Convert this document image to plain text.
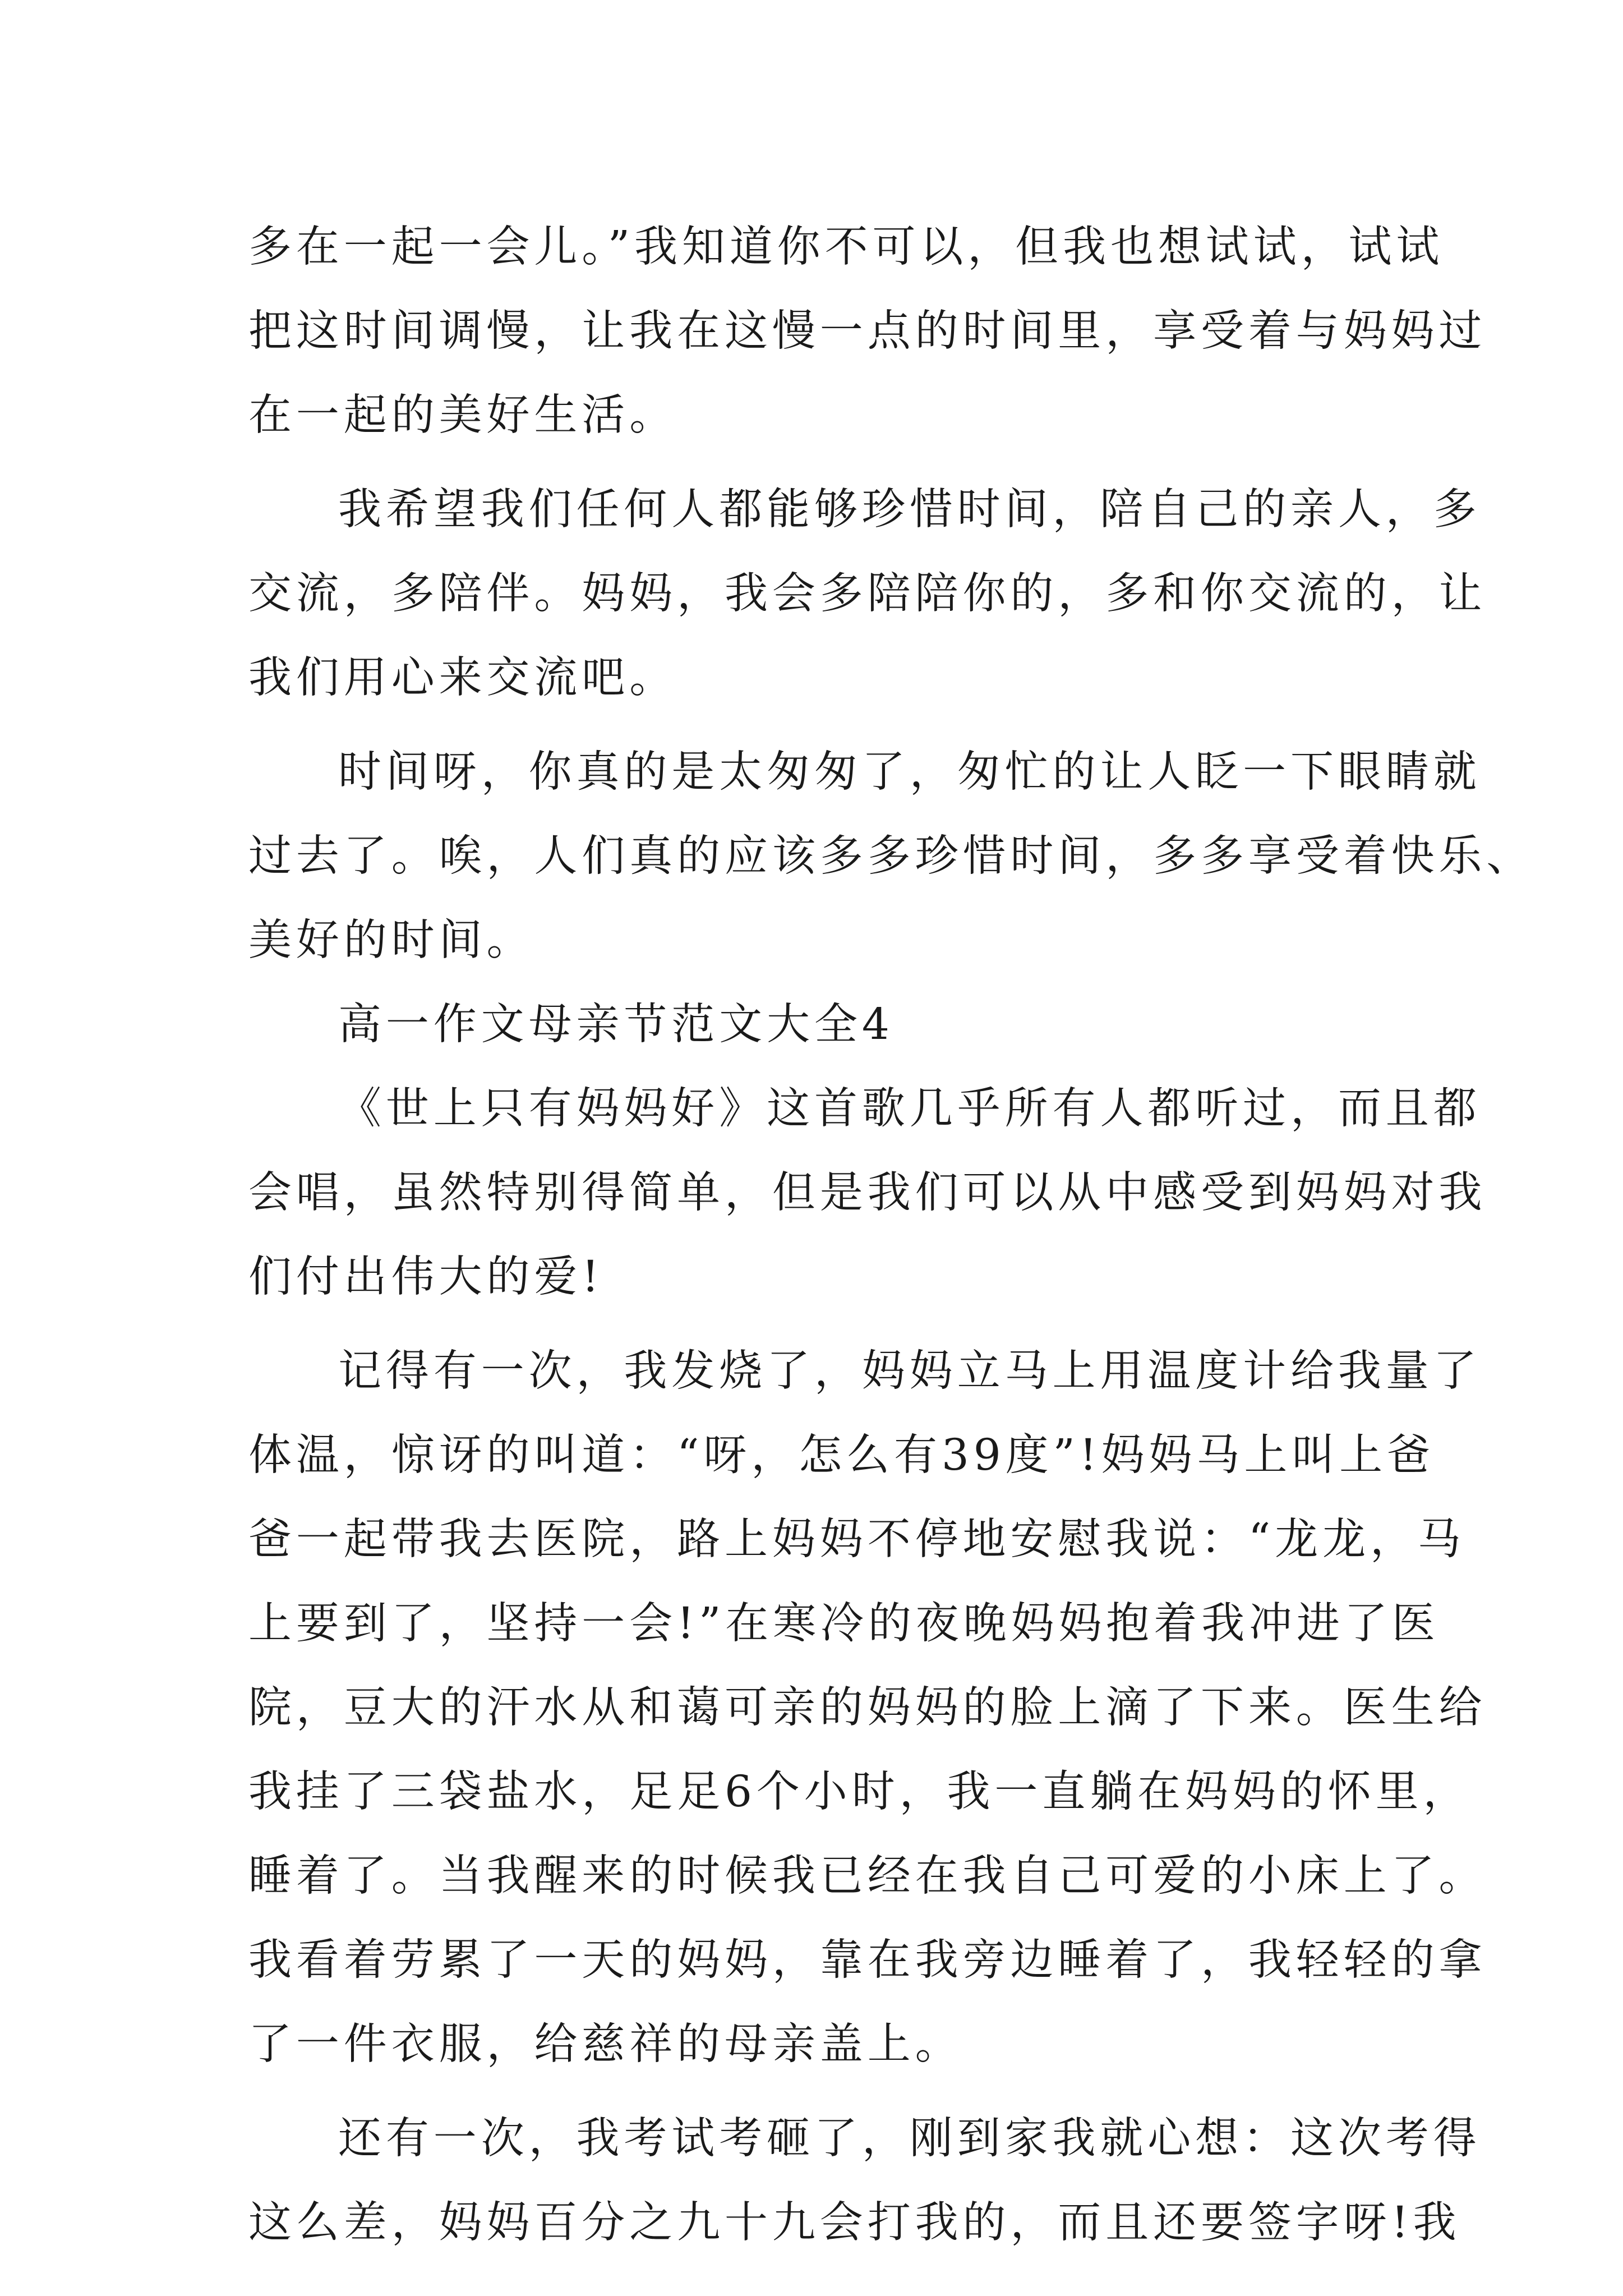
多在一起一会儿。”我知道你不可以，但我也想试试，试试
把这时间调慢，让我在这慢一点的时间里，享受着与妈妈过
在一起的美好生活。
我希望我们任何人都能够珍惜时间，陪自己的亲人，多
交流，多陪伴。妈妈，我会多陪陪你的，多和你交流的，让
我们用心来交流吧。
时间呀，你真的是太匆匆了，匆忙的让人眨一下眼睛就
过去了。唉，人们真的应该多多珍惜时间，多多享受着快乐、
美好的时间。
高一作文母亲节范文大全4
《世上只有妈妈好》这首歌几乎所有人都听过，而且都
会唱，虽然特别得简单，但是我们可以从中感受到妈妈对我
们付出伟大的爱!
记得有一次，我发烧了，妈妈立马上用温度计给我量了
体温，惊讶的叫道：“呀，怎么有39度”!妈妈马上叫上爸
爸一起带我去医院，路上妈妈不停地安慰我说：“龙龙，马
上要到了，坚持一会!”在寒冷的夜晚妈妈抱着我冲进了医
院，豆大的汗水从和蔼可亲的妈妈的脸上滴了下来。医生给
我挂了三袋盐水，足足6个小时，我一直躺在妈妈的怀里，
睡着了。当我醒来的时候我已经在我自己可爱的小床上了。
我看着劳累了一天的妈妈，靠在我旁边睡着了，我轻轻的拿
了一件衣服，给慈祥的母亲盖上。
还有一次，我考试考砸了，刚到家我就心想：这次考得
这么差，妈妈百分之九十九会打我的，而且还要签字呀!我
